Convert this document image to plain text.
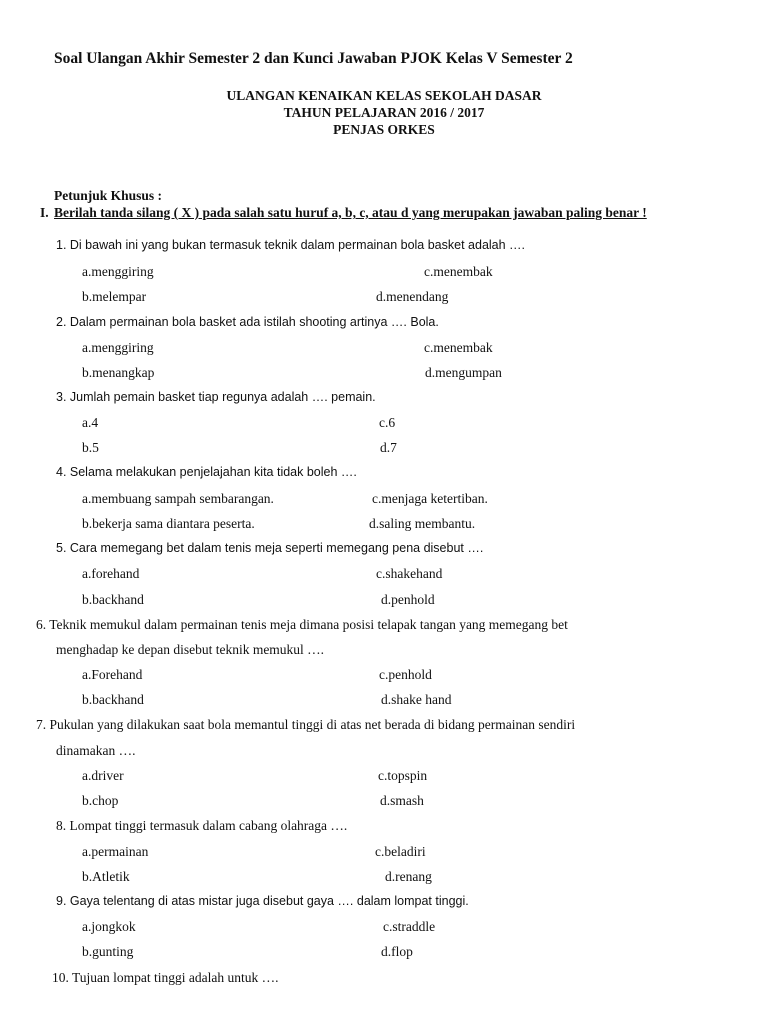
Soal Ulangan Akhir Semester 2 dan Kunci Jawaban PJOK Kelas V Semester 2
ULANGAN KENAIKAN KELAS SEKOLAH DASAR
TAHUN PELAJARAN 2016 / 2017
PENJAS ORKES
Petunjuk Khusus :
I. Berilah tanda silang ( X ) pada salah satu huruf a, b, c, atau d yang merupakan jawaban paling benar !
1. Di bawah ini yang bukan termasuk teknik dalam permainan bola basket adalah ….
a.menggiring	c.menembak
b.melempar	d.menendang
2. Dalam permainan bola basket ada istilah shooting artinya …. Bola.
a.menggiring	c.menembak
b.menangkap	d.mengumpan
3. Jumlah pemain basket tiap regunya adalah …. pemain.
a.4	c.6
b.5	d.7
4. Selama melakukan penjelajahan kita tidak boleh ….
a.membuang sampah sembarangan.	c.menjaga ketertiban.
b.bekerja sama diantara peserta.	d.saling membantu.
5. Cara memegang bet dalam tenis meja seperti memegang pena disebut ….
a.forehand	c.shakehand
b.backhand	d.penhold
6. Teknik memukul dalam permainan tenis meja dimana posisi telapak tangan yang memegang bet
menghadap ke depan disebut teknik memukul ….
a.Forehand	c.penhold
b.backhand	d.shake hand
7. Pukulan yang dilakukan saat bola memantul tinggi di atas net berada di bidang permainan sendiri
dinamakan ….
a.driver	c.topspin
b.chop	d.smash
8. Lompat tinggi termasuk dalam cabang olahraga ….
a.permainan	c.beladiri
b.Atletik	d.renang
9. Gaya telentang di atas mistar juga disebut gaya …. dalam lompat tinggi.
a.jongkok	c.straddle
b.gunting	d.flop
10. Tujuan lompat tinggi adalah untuk ….
